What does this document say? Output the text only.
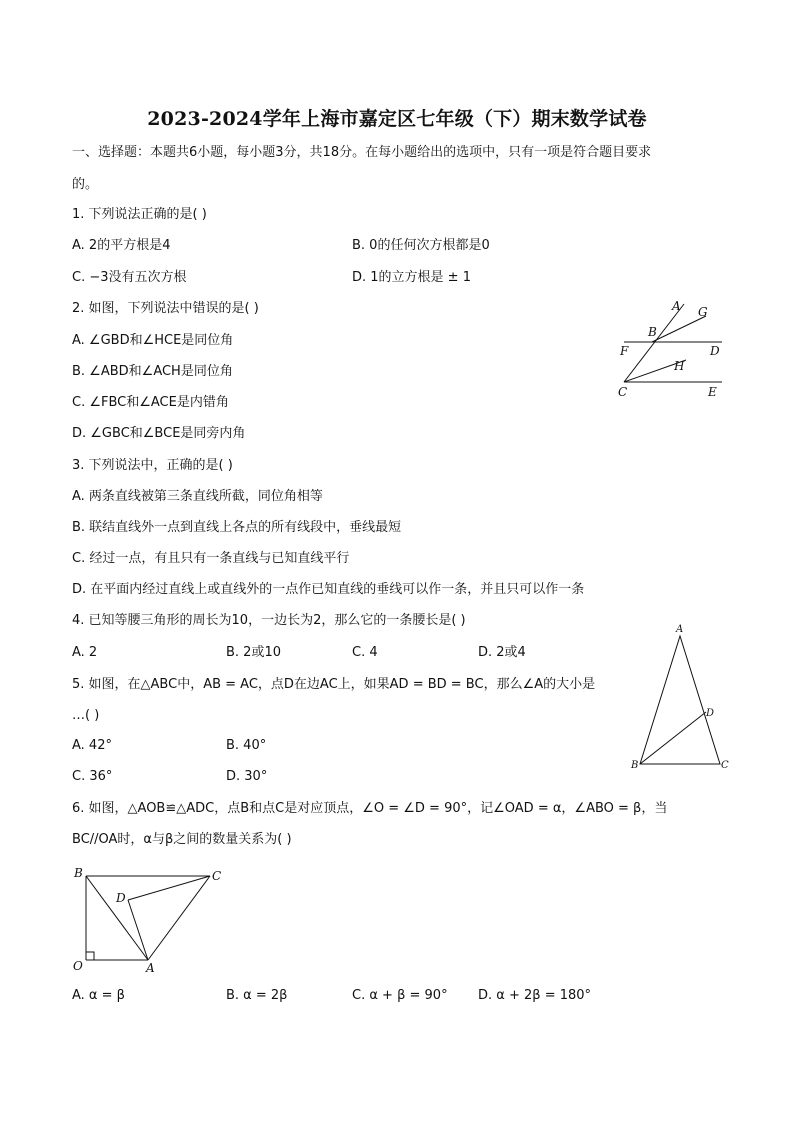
2023-2024学年上海市嘉定区七年级（下）期末数学试卷
一、选择题：本题共6小题，每小题3分，共18分。在每小题给出的选项中，只有一项是符合题目要求
的。
1. 下列说法正确的是( )
A. 2的平方根是4	B. 0的任何次方根都是0
C. −3没有五次方根	D. 1的立方根是 ± 1
2. 如图，下列说法中错误的是( )
A. ∠GBD和∠HCE是同位角
B. ∠ABD和∠ACH是同位角
C. ∠FBC和∠ACE是内错角
D. ∠GBC和∠BCE是同旁内角
A G
B
F	D
H
C	E
3. 下列说法中，正确的是( )
A. 两条直线被第三条直线所截，同位角相等
B. 联结直线外一点到直线上各点的所有线段中，垂线最短
C. 经过一点，有且只有一条直线与已知直线平行
D. 在平面内经过直线上或直线外的一点作已知直线的垂线可以作一条，并且只可以作一条
4. 已知等腰三角形的周长为10，一边长为2，那么它的一条腰长是( )
A. 2	B. 2或10	C. 4	D. 2或4
5. 如图，在△ABC中，AB = AC，点D在边AC上，如果AD = BD = BC，那么∠A的大小是
…( )
A. 42°	B. 40°
C. 36°	D. 30°
A
D
B	C
6. 如图，△AOB≌△ADC，点B和点C是对应顶点，∠O = ∠D = 90°，记∠OAD = α，∠ABO = β，当
BC//OA时，α与β之间的数量关系为( )
B	C
D
O	A
A. α = β	B. α = 2β	C. α + β = 90° D. α + 2β = 180°
